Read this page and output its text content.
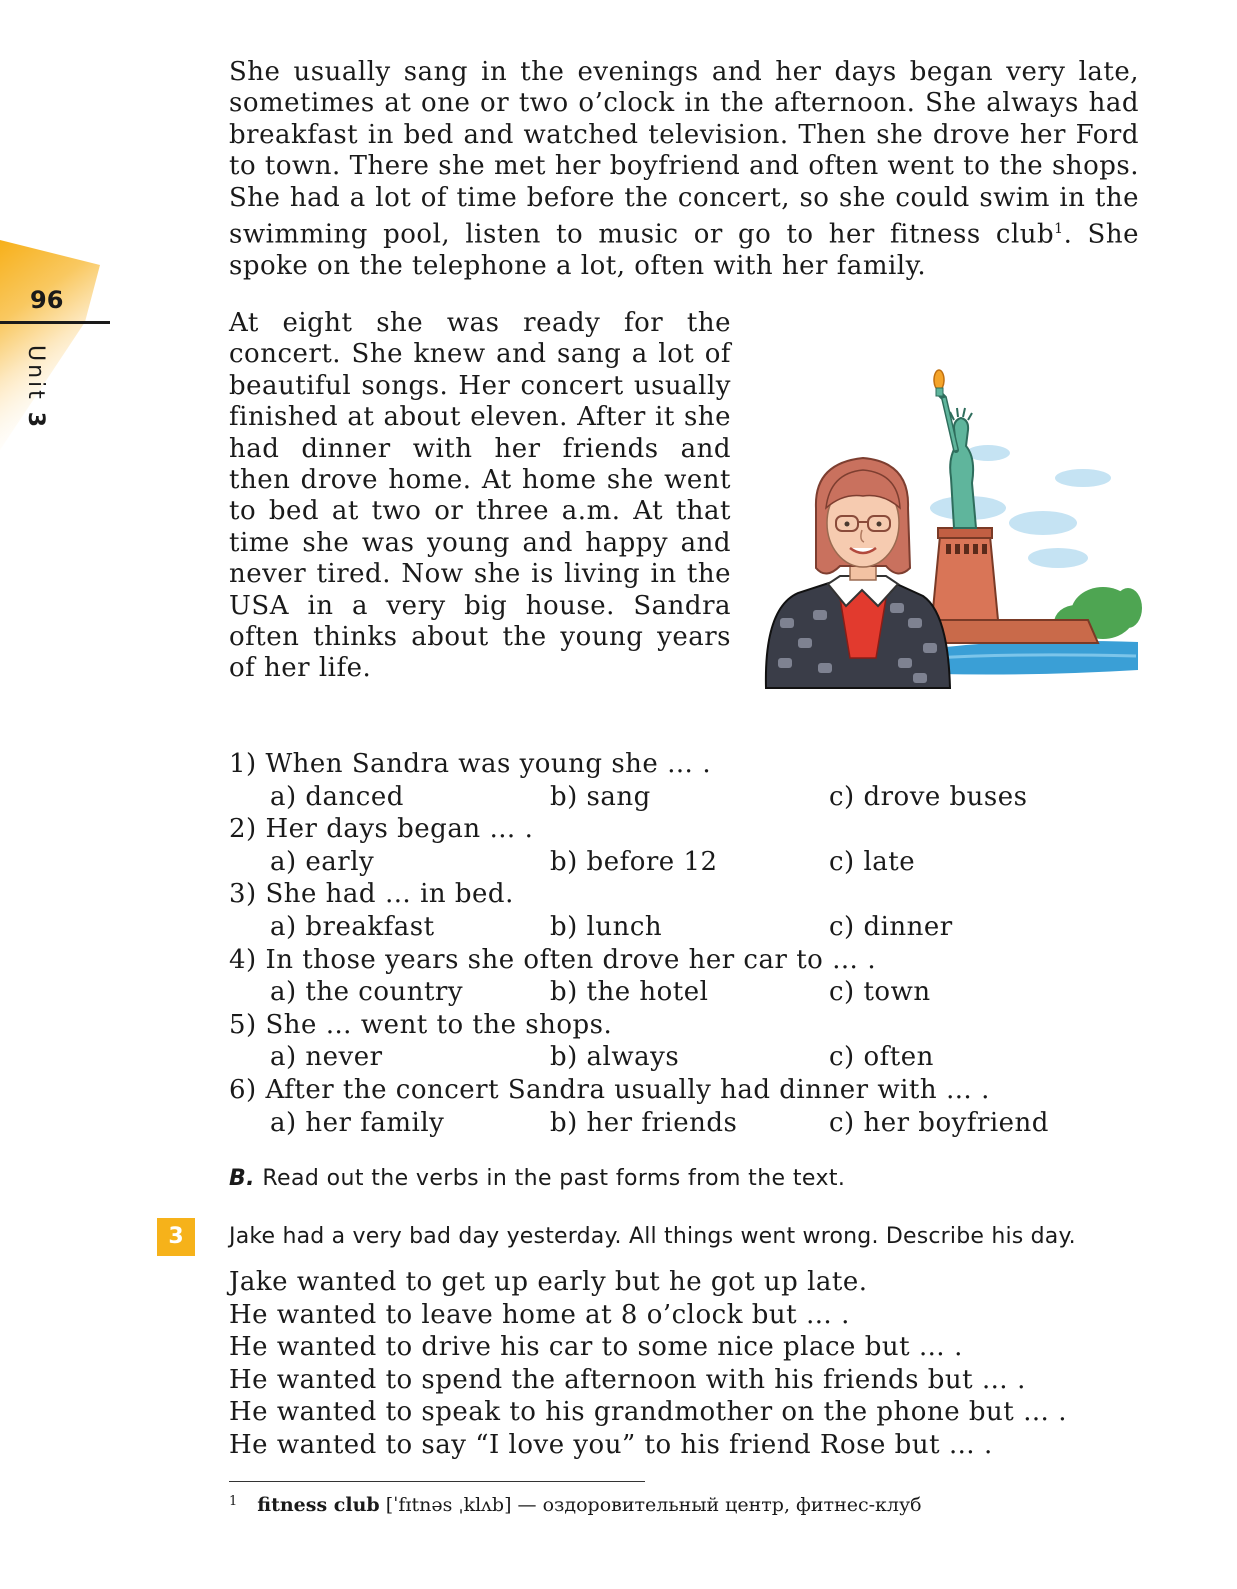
96
Unit 3

She usually sang in the evenings and her days began very late, sometimes at one or two o’clock in the afternoon. She always had breakfast in bed and watched television. Then she drove her Ford to town. There she met her boyfriend and often went to the shops. She had a lot of time before the concert, so she could swim in the swimming pool, listen to music or go to her fitness club$^1$. She spoke on the telephone a lot, often with her family.

At eight she was ready for the concert. She knew and sang a lot of beautiful songs. Her concert usually finished at about eleven. After it she had dinner with her friends and then drove home. At home she went to bed at two or three a.m. At that time she was young and happy and never tired. Now she is living in the USA in a very big house. Sandra often thinks about the young years of her life.

1) When Sandra was young she … .
a) danced	b) sang	c) drove buses
2) Her days began … .
a) early	b) before 12	c) late
3) She had … in bed.
a) breakfast	b) lunch	c) dinner
4) In those years she often drove her car to … .
a) the country	b) the hotel	c) town
5) She … went to the shops.
a) never	b) always	c) often
6) After the concert Sandra usually had dinner with … .
a) her family	b) her friends	c) her boyfriend
B. Read out the verbs in the past forms from the text.
3	Jake had a very bad day yesterday. All things went wrong. Describe his day.
Jake wanted to get up early but he got up late.
He wanted to leave home at 8 o’clock but … .
He wanted to drive his car to some nice place but … .
He wanted to spend the afternoon with his friends but … .
He wanted to speak to his grandmother on the phone but … .
He wanted to say “I love you” to his friend Rose but … .
$^1$ fitness club [ˈfɪtnəs ˌklʌb] — оздоровительный центр, фитнес-клуб
